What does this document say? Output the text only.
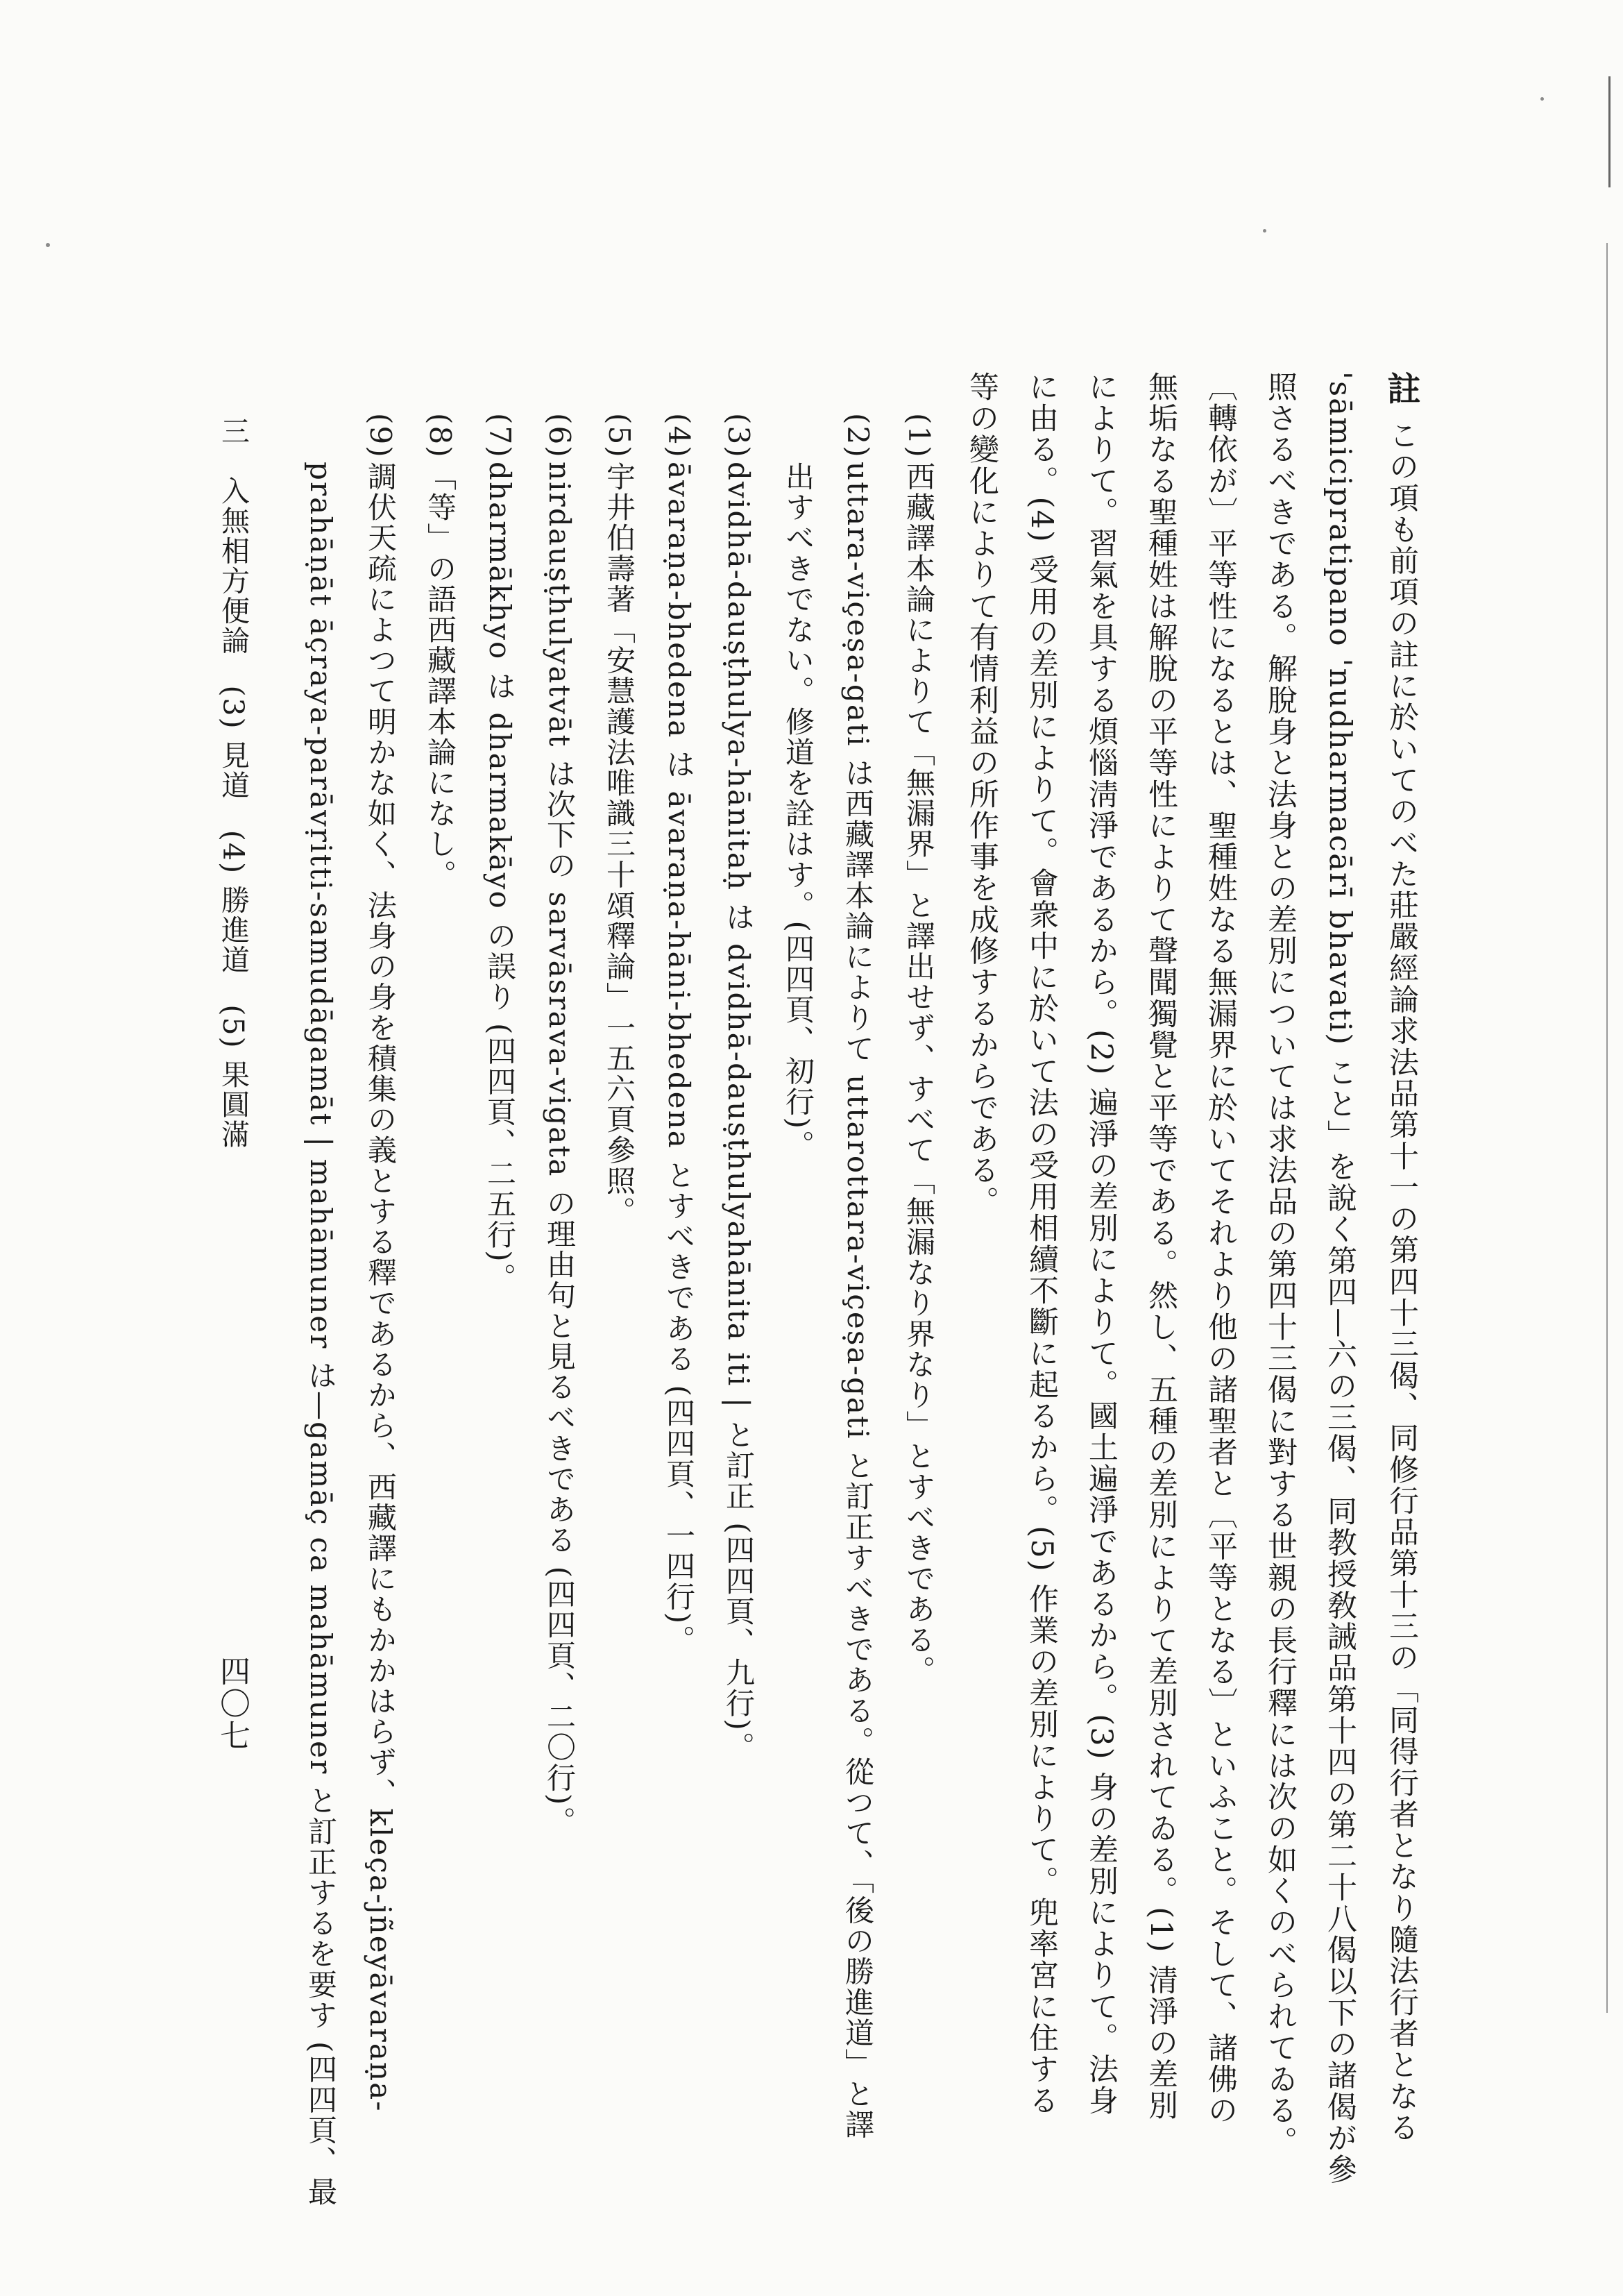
註
この項も前項の註に於いてのべた莊嚴經論求法品第十一の第四十三偈、同修行品第十三の「同得行者となり隨法行者となる
'sāmicipratipano 'nudharmacārī bhavati) こと」を說く第四—六の三偈、同教授敎誡品第十四の第二十八偈以下の諸偈が參
照さるべきである。解脫身と法身との差別については求法品の第四十三偈に對する世親の長行釋には次の如くのべられてゐる。
〔轉依が〕平等性になるとは、聖種姓なる無漏界に於いてそれより他の諸聖者と〔平等となる〕といふこと。そして、諸佛の
無垢なる聖種姓は解脫の平等性によりて聲聞獨覺と平等である。然し、五種の差別によりて差別されてゐる。(1) 清淨の差別
によりて。習氣を具する煩惱淸淨であるから。(2) 遍淨の差別によりて。國土遍淨であるから。(3) 身の差別によりて。法身
に由る。(4) 受用の差別によりて。會衆中に於いて法の受用相續不斷に起るから。(5) 作業の差別によりて。兜率宮に住する
等の變化によりて有情利益の所作事を成修するからである。
(1)
西藏譯本論によりて「無漏界」と譯出せず、すべて「無漏なり界なり」とすべきである。
(2)
uttara-viçeṣa-gati は西藏譯本論によりて uttarottara-viçeṣa-gati と訂正すべきである。從つて、「後の勝進道」と譯
出すべきでない。修道を詮はす。(四四頁、初行)。
(3)
dvidhā-dauṣṭhulya-hānitaḥ は dvidhā-dauṣṭhulyahānita iti | と訂正 (四四頁、九行)。
(4)
āvaraṇa-bhedena は āvaraṇa-hāni-bhedena とすべきである (四四頁、一四行)。
(5)
宇井伯壽著「安慧護法唯識三十頌釋論」一五六頁參照。
(6)
nirdauṣṭhulyatvāt は次下の sarvāsrava-vigata の理由句と見るべきである (四四頁、二〇行)。
(7)
dharmākhyo は dharmakāyo の誤り (四四頁、二五行)。
(8)
「等」の語西藏譯本論になし。
(9)
調伏天疏によつて明かな如く、法身の身を積集の義とする釋であるから、西藏譯にもかかはらず、kleça-jñeyāvaraṇa-
prahāṇāt āçraya-parāvṛitti-samudāgamāt | mahāmuner は—gamāç ca mahāmuner と訂正するを要す (四四頁、最
三　入無相方便論　(3) 見道　(4) 勝進道　(5) 果圓滿
四〇七
